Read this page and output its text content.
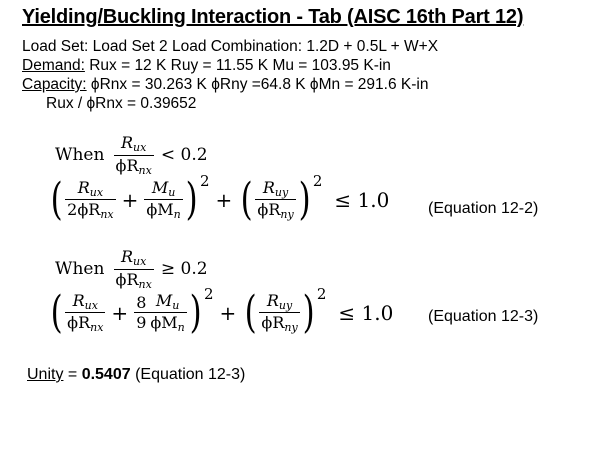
Yielding/Buckling Interaction - Tab (AISC 16th Part 12)
Load Set: Load Set 2 Load Combination: 1.2D + 0.5L + W+X
Demand: Rux = 12 K Ruy = 11.55 K Mu = 103.95 K-in
Capacity: ϕRnx = 30.263 K ϕRny =64.8 K ϕMn = 291.6 K-in
Rux / ϕRnx = 0.39652
When $\frac{R_{ux}}{\phi R_{nx}} < 0.2$
( $\frac{R_{ux}}{2\phi R_{nx}} + \frac{M_u}{\phi M_n}$ ) 2+ ( $\frac{R_{uy}}{\phi R_{ny}}$ ) 2≤ 1.0	(Equation 12-2)
When $\frac{R_{ux}}{\phi R_{nx}} \ge 0.2$
( $\frac{R_{ux}}{\phi R_{nx}} + \frac{8}{9} \frac{M_u}{\phi M_n}$ ) 2+ ( $\frac{R_{uy}}{\phi R_{ny}}$ ) 2≤ 1.0	(Equation 12-3)
Unity = 0.5407 (Equation 12-3)
